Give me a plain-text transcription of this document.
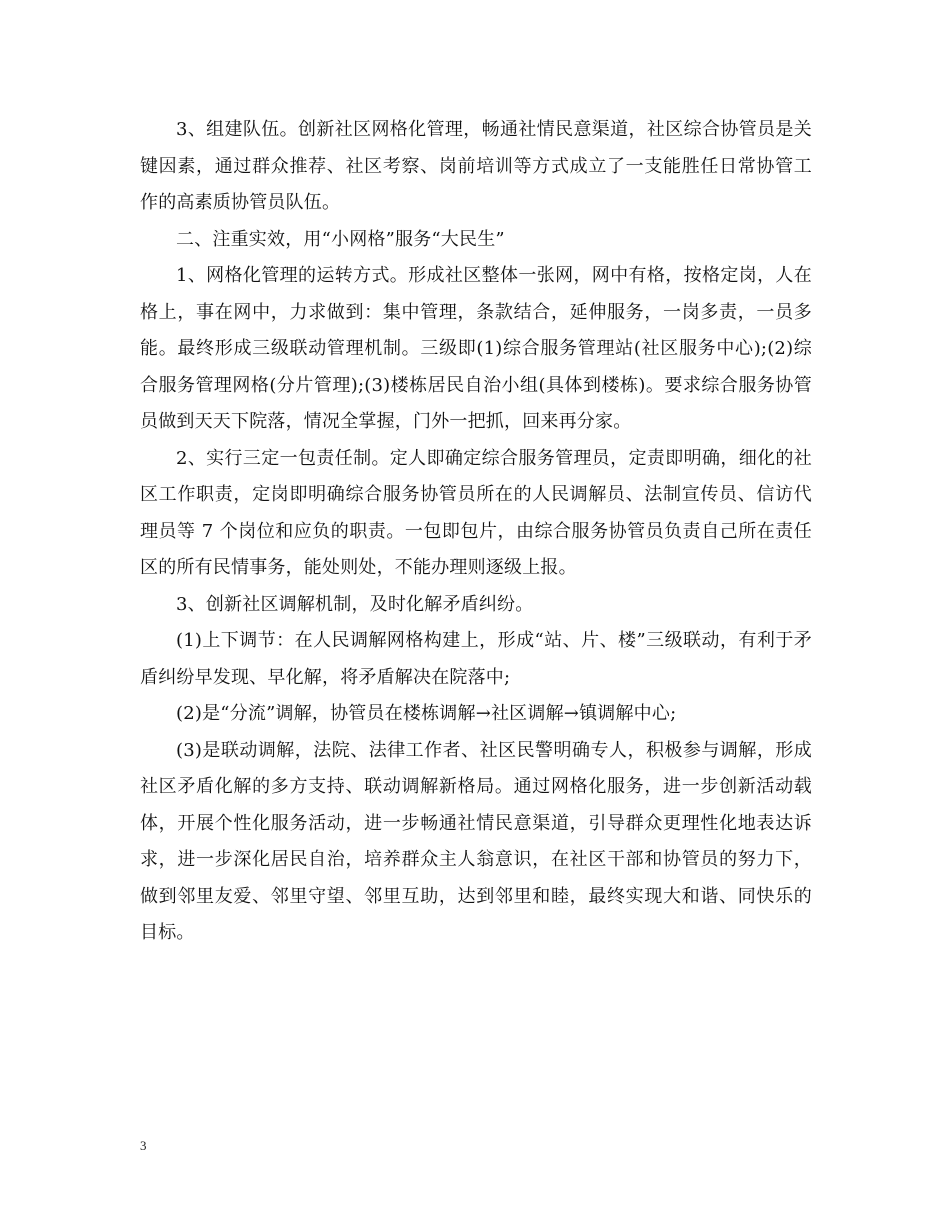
3、组建队伍。创新社区网格化管理，畅通社情民意渠道，社区综合协管员是关键因素，通过群众推荐、社区考察、岗前培训等方式成立了一支能胜任日常协管工作的高素质协管员队伍。

二、注重实效，用“小网格”服务“大民生”

1、网格化管理的运转方式。形成社区整体一张网，网中有格，按格定岗，人在格上，事在网中，力求做到：集中管理，条款结合，延伸服务，一岗多责，一员多能。最终形成三级联动管理机制。三级即(1)综合服务管理站(社区服务中心);(2)综合服务管理网格(分片管理);(3)楼栋居民自治小组(具体到楼栋)。要求综合服务协管员做到天天下院落，情况全掌握，门外一把抓，回来再分家。

2、实行三定一包责任制。定人即确定综合服务管理员，定责即明确，细化的社区工作职责，定岗即明确综合服务协管员所在的人民调解员、法制宣传员、信访代理员等 7 个岗位和应负的职责。一包即包片，由综合服务协管员负责自己所在责任区的所有民情事务，能处则处，不能办理则逐级上报。

3、创新社区调解机制，及时化解矛盾纠纷。

(1)上下调节：在人民调解网格构建上，形成“站、片、楼”三级联动，有利于矛盾纠纷早发现、早化解，将矛盾解决在院落中;

(2)是“分流”调解，协管员在楼栋调解→社区调解→镇调解中心;

(3)是联动调解，法院、法律工作者、社区民警明确专人，积极参与调解，形成社区矛盾化解的多方支持、联动调解新格局。通过网格化服务，进一步创新活动载体，开展个性化服务活动，进一步畅通社情民意渠道，引导群众更理性化地表达诉求，进一步深化居民自治，培养群众主人翁意识，在社区干部和协管员的努力下，做到邻里友爱、邻里守望、邻里互助，达到邻里和睦，最终实现大和谐、同快乐的目标。

3
